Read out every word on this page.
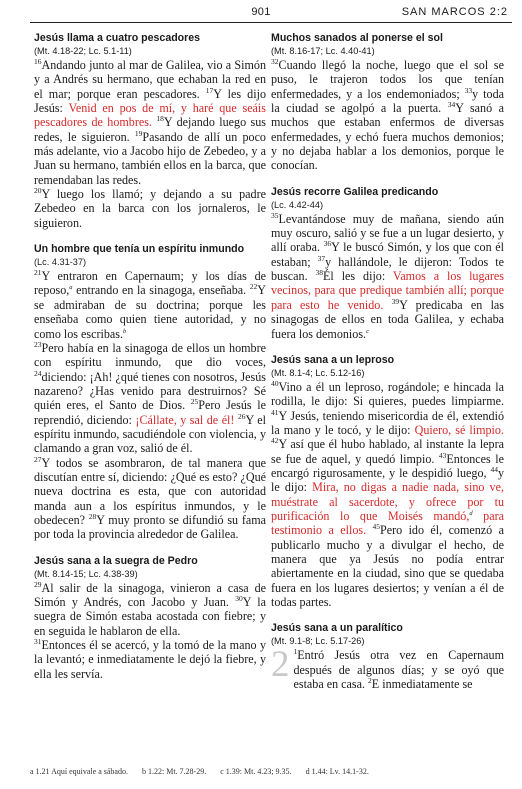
901	SAN MARCOS 2:2

Jesús llama a cuatro pescadores

(Mt. 4.18-22; Lc. 5.1-11)

$^{16}$Andando junto al mar de Galilea, vio a Simón y a Andrés su hermano, que echaban la red en el mar; porque eran pescadores. $^{17}$Y les dijo Jesús: Venid en pos de mí, y haré que seáis pescadores de hombres. $^{18}$Y dejando luego sus redes, le siguieron. $^{19}$Pasando de allí un poco más adelante, vio a Jacobo hijo de Zebedeo, y a Juan su hermano, también ellos en la barca, que remendaban las redes.

$^{20}$Y luego los llamó; y dejando a su padre Zebedeo en la barca con los jornaleros, le siguieron.

Un hombre que tenía un espíritu inmundo

(Lc. 4.31-37)

$^{21}$Y entraron en Capernaum; y los días de reposo,$^a$ entrando en la sinagoga, enseñaba. $^{22}$Y se admiraban de su doctrina; porque les enseñaba como quien tiene autoridad, y no como los escribas.$^b$

$^{23}$Pero había en la sinagoga de ellos un hombre con espíritu inmundo, que dio voces, $^{24}$diciendo: ¡Ah! ¿qué tienes con nosotros, Jesús nazareno? ¿Has venido para destruirnos? Sé quién eres, el Santo de Dios. $^{25}$Pero Jesús le reprendió, diciendo: ¡Cállate, y sal de él! $^{26}$Y el espíritu inmundo, sacudiéndole con violencia, y clamando a gran voz, salió de él.

$^{27}$Y todos se asombraron, de tal manera que discutían entre sí, diciendo: ¿Qué es esto? ¿Qué nueva doctrina es esta, que con autoridad manda aun a los espíritus inmundos, y le obedecen? $^{28}$Y muy pronto se difundió su fama por toda la provincia alrededor de Galilea.

Jesús sana a la suegra de Pedro

(Mt. 8.14-15; Lc. 4.38-39)

$^{29}$Al salir de la sinagoga, vinieron a casa de Simón y Andrés, con Jacobo y Juan. $^{30}$Y la suegra de Simón estaba acostada con fiebre; y en seguida le hablaron de ella.

$^{31}$Entonces él se acercó, y la tomó de la mano y la levantó; e inmediatamente le dejó la fiebre, y ella les servía.

Muchos sanados al ponerse el sol

(Mt. 8.16-17; Lc. 4.40-41)

$^{32}$Cuando llegó la noche, luego que el sol se puso, le trajeron todos los que tenían enfermedades, y a los endemoniados; $^{33}$y toda la ciudad se agolpó a la puerta. $^{34}$Y sanó a muchos que estaban enfermos de diversas enfermedades, y echó fuera muchos demonios; y no dejaba hablar a los demonios, porque le conocían.

Jesús recorre Galilea predicando

(Lc. 4.42-44)

$^{35}$Levantándose muy de mañana, siendo aún muy oscuro, salió y se fue a un lugar desierto, y allí oraba. $^{36}$Y le buscó Simón, y los que con él estaban; $^{37}$y hallándole, le dijeron: Todos te buscan. $^{38}$Él les dijo: Vamos a los lugares vecinos, para que predique también allí; porque para esto he venido. $^{39}$Y predicaba en las sinagogas de ellos en toda Galilea, y echaba fuera los demonios.$^c$

Jesús sana a un leproso

(Mt. 8.1-4; Lc. 5.12-16)

$^{40}$Vino a él un leproso, rogándole; e hincada la rodilla, le dijo: Si quieres, puedes limpiarme. $^{41}$Y Jesús, teniendo misericordia de él, extendió la mano y le tocó, y le dijo: Quiero, sé limpio. $^{42}$Y así que él hubo hablado, al instante la lepra se fue de aquel, y quedó limpio. $^{43}$Entonces le encargó rigurosamente, y le despidió luego, $^{44}$y le dijo: Mira, no digas a nadie nada, sino ve, muéstrate al sacerdote, y ofrece por tu purificación lo que Moisés mandó,$^d$ para testimonio a ellos. $^{45}$Pero ido él, comenzó a publicarlo mucho y a divulgar el hecho, de manera que ya Jesús no podía entrar abiertamente en la ciudad, sino que se quedaba fuera en los lugares desiertos; y venían a él de todas partes.

Jesús sana a un paralítico

(Mt. 9.1-8; Lc. 5.17-26)

2 $^1$Entró Jesús otra vez en Capernaum después de algunos días; y se oyó que estaba en casa. $^2$E inmediatamente se

a 1.21 Aquí equivale a sábado. b 1.22: Mt. 7.28-29. c 1.39: Mt. 4.23; 9.35. d 1.44: Lv. 14.1-32.
